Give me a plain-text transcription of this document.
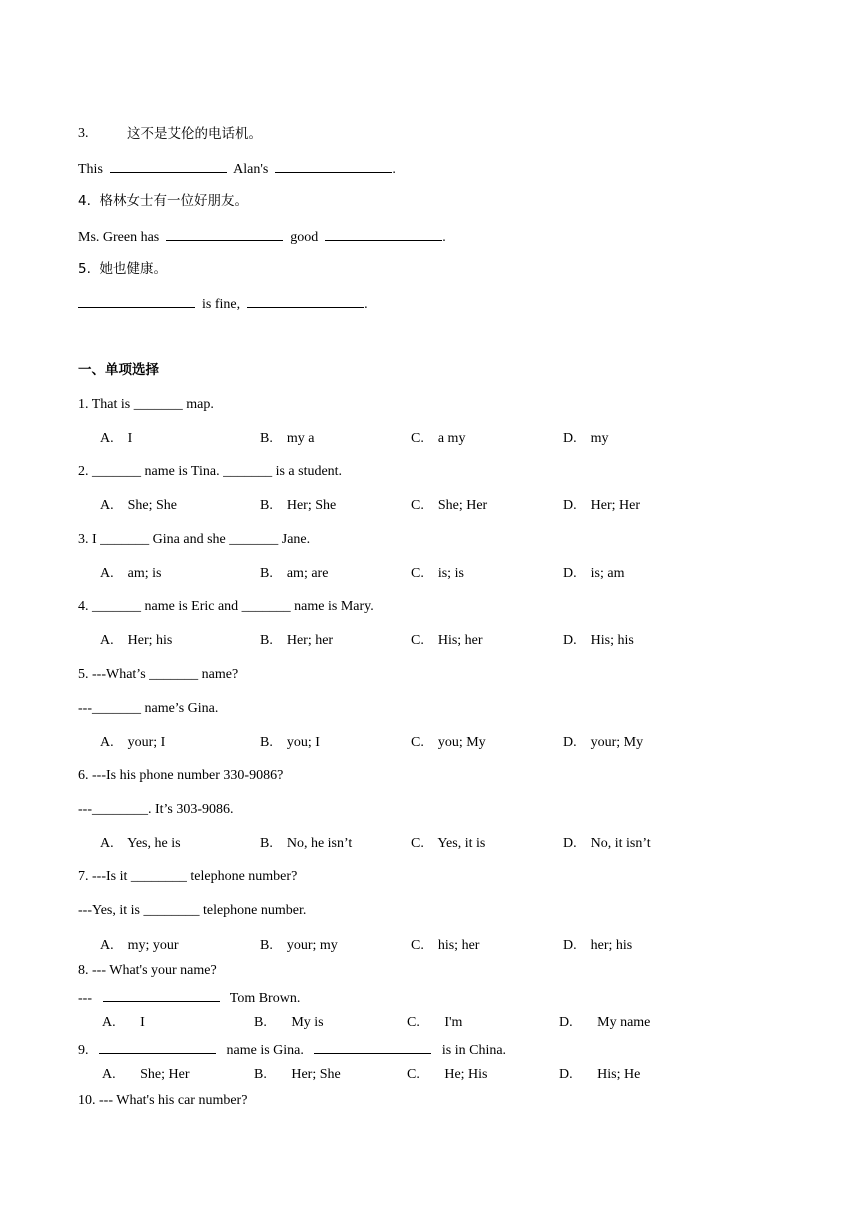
3.	这不是艾伦的电话机。
This	Alan's	.
4.  格林女士有一位好朋友。
Ms. Green has	good	.
5.  她也健康。
is fine,	.
一、单项选择
1. That is _______ map.
A. I	B. my a	C. a my	D. my
2. _______ name is Tina. _______ is a student.
A. She; She	B. Her; She	C. She; Her	D. Her; Her
3. I _______ Gina and she _______ Jane.
A. am; is	B. am; are	C. is; is	D. is; am
4. _______ name is Eric and _______ name is Mary.
A. Her; his	B. Her; her	C. His; her	D. His; his
5. ---What’s _______ name?
---_______ name’s Gina.
A. your; I	B. you; I	C. you; My	D. your; My
6. ---Is his phone number 330-9086?
---________. It’s 303-9086.
A. Yes, he is	B. No, he isn’t	C. Yes, it is	D. No, it isn’t
7. ---Is it ________ telephone number?
---Yes, it is ________ telephone number.
A. my; your	B. your; my	C. his; her	D. her; his
8. --- What's your name?
---	Tom Brown.
A. I	B. My is	C. I'm	D. My name
9.	name is Gina.	is in China.
A. She; Her	B. Her; She	C. He; His	D. His; He
10. --- What's his car number?
